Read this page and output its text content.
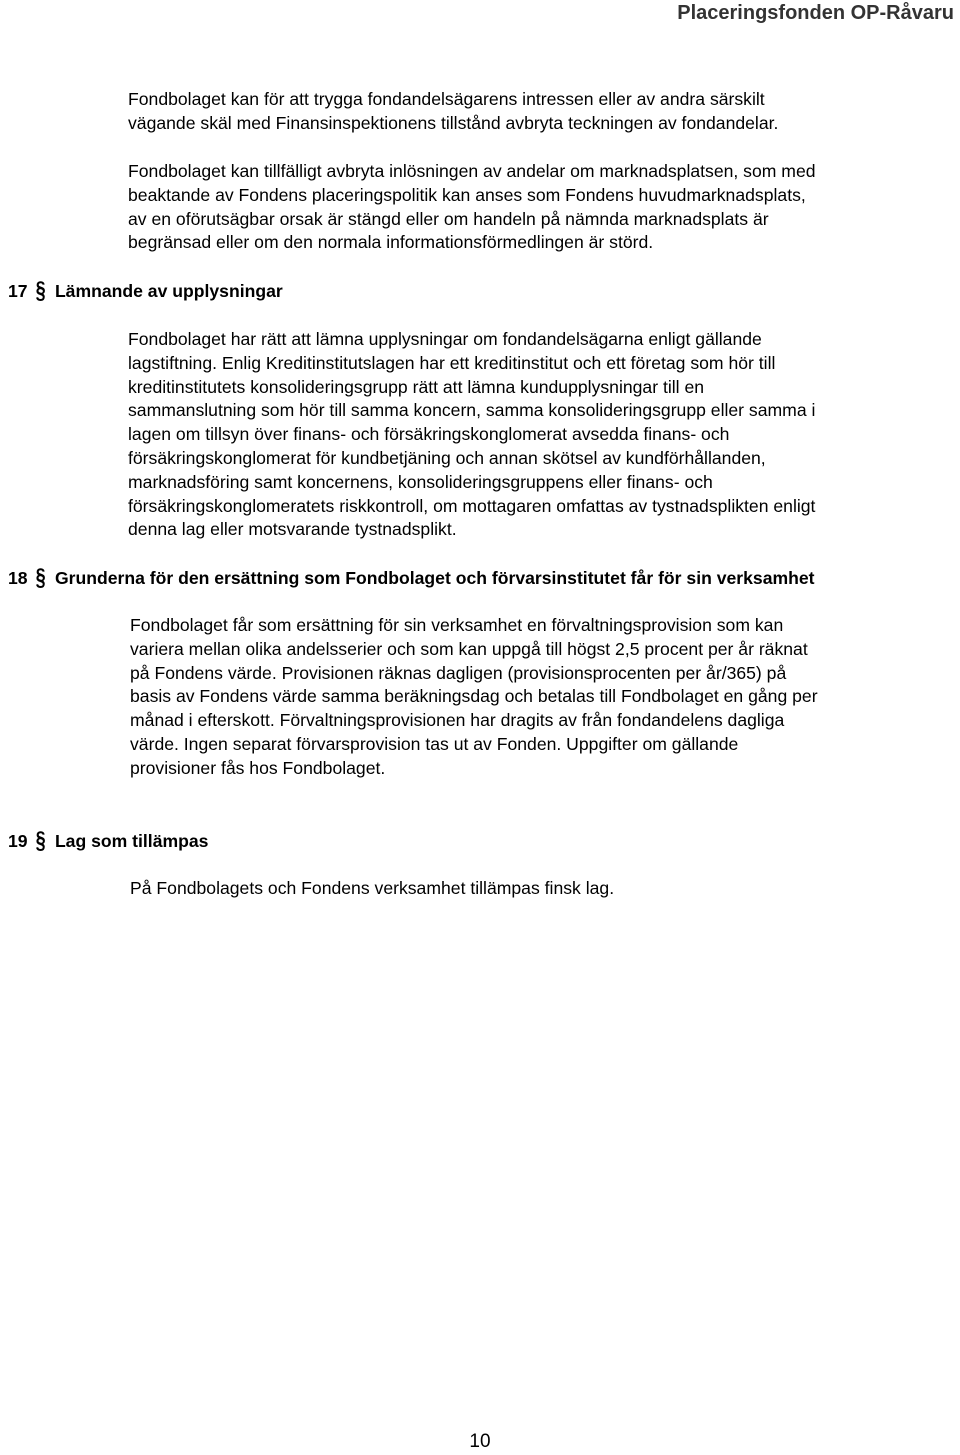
Placeringsfonden OP-Råvaru

Fondbolaget kan för att trygga fondandelsägarens intressen eller av andra särskilt
vägande skäl med Finansinspektionens tillstånd avbryta teckningen av fondandelar.

Fondbolaget kan tillfälligt avbryta inlösningen av andelar om marknadsplatsen, som med
beaktande av Fondens placeringspolitik kan anses som Fondens huvudmarknadsplats,
av en oförutsägbar orsak är stängd eller om handeln på nämnda marknadsplats är
begränsad eller om den normala informationsförmedlingen är störd.

17 § Lämnande av upplysningar

Fondbolaget har rätt att lämna upplysningar om fondandelsägarna enligt gällande
lagstiftning. Enlig Kreditinstitutslagen har ett kreditinstitut och ett företag som hör till
kreditinstitutets konsolideringsgrupp rätt att lämna kundupplysningar till en
sammanslutning som hör till samma koncern, samma konsolideringsgrupp eller samma i
lagen om tillsyn över finans- och försäkringskonglomerat avsedda finans- och
försäkringskonglomerat för kundbetjäning och annan skötsel av kundförhållanden,
marknadsföring samt koncernens, konsolideringsgruppens eller finans- och
försäkringskonglomeratets riskkontroll, om mottagaren omfattas av tystnadsplikten enligt
denna lag eller motsvarande tystnadsplikt.

18 § Grunderna för den ersättning som Fondbolaget och förvarsinstitutet får för sin verksamhet

Fondbolaget får som ersättning för sin verksamhet en förvaltningsprovision som kan
variera mellan olika andelsserier och som kan uppgå till högst 2,5 procent per år räknat
på Fondens värde. Provisionen räknas dagligen (provisionsprocenten per år/365) på
basis av Fondens värde samma beräkningsdag och betalas till Fondbolaget en gång per
månad i efterskott. Förvaltningsprovisionen har dragits av från fondandelens dagliga
värde. Ingen separat förvarsprovision tas ut av Fonden. Uppgifter om gällande
provisioner fås hos Fondbolaget.

19 § Lag som tillämpas

På Fondbolagets och Fondens verksamhet tillämpas finsk lag.

10
